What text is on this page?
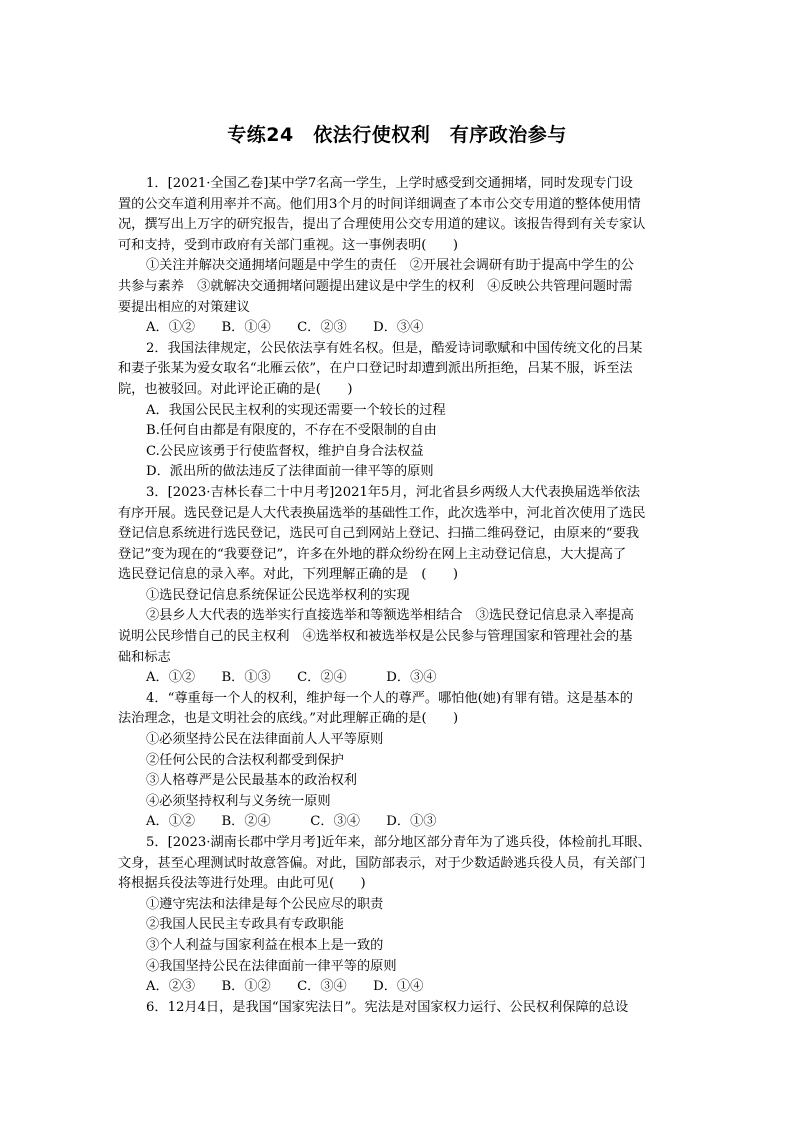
专练24　依法行使权利　有序政治参与
1．[2021·全国乙卷]某中学7名高一学生，上学时感受到交通拥堵，同时发现专门设
置的公交车道利用率并不高。他们用3个月的时间详细调查了本市公交专用道的整体使用情
况，撰写出上万字的研究报告，提出了合理使用公交专用道的建议。该报告得到有关专家认
可和支持，受到市政府有关部门重视。这一事例表明(　　)
①关注并解决交通拥堵问题是中学生的责任　②开展社会调研有助于提高中学生的公
共参与素养　③就解决交通拥堵问题提出建议是中学生的权利　④反映公共管理问题时需
要提出相应的对策建议
A．①②　　B．①④　　C．②③　　D．③④
2．我国法律规定，公民依法享有姓名权。但是，酷爱诗词歌赋和中国传统文化的吕某
和妻子张某为爱女取名“北雁云依”，在户口登记时却遭到派出所拒绝，吕某不服，诉至法
院，也被驳回。对此评论正确的是(　　)
A．我国公民民主权利的实现还需要一个较长的过程
B.任何自由都是有限度的，不存在不受限制的自由
C.公民应该勇于行使监督权，维护自身合法权益
D．派出所的做法违反了法律面前一律平等的原则
3．[2023·吉林长春二十中月考]2021年5月，河北省县乡两级人大代表换届选举依法
有序开展。选民登记是人大代表换届选举的基础性工作，此次选举中，河北首次使用了选民
登记信息系统进行选民登记，选民可自己到网站上登记、扫描二维码登记，由原来的“要我
登记”变为现在的“我要登记”，许多在外地的群众纷纷在网上主动登记信息，大大提高了
选民登记信息的录入率。对此，下列理解正确的是　(　　)
①选民登记信息系统保证公民选举权利的实现
②县乡人大代表的选举实行直接选举和等额选举相结合　③选民登记信息录入率提高
说明公民珍惜自己的民主权利　④选举权和被选举权是公民参与管理国家和管理社会的基
础和标志
A．①②　　B．①③　　C．②④　　　D．③④
4．“尊重每一个人的权利，维护每一个人的尊严。哪怕他(她)有罪有错。这是基本的
法治理念，也是文明社会的底线。”对此理解正确的是(　　)
①必须坚持公民在法律面前人人平等原则
②任何公民的合法权利都受到保护
③人格尊严是公民最基本的政治权利
④必须坚持权利与义务统一原则
A．①②　　B．②④　　　C．③④　　D．①③
5．[2023·湖南长郡中学月考]近年来，部分地区部分青年为了逃兵役，体检前扎耳眼、
文身，甚至心理测试时故意答偏。对此，国防部表示，对于少数适龄逃兵役人员，有关部门
将根据兵役法等进行处理。由此可见(　　)
①遵守宪法和法律是每个公民应尽的职责
②我国人民民主专政具有专政职能
③个人利益与国家利益在根本上是一致的
④我国坚持公民在法律面前一律平等的原则
A．②③　　B．①②　　C．③④　　D．①④
6．12月4日，是我国“国家宪法日”。宪法是对国家权力运行、公民权利保障的总设
